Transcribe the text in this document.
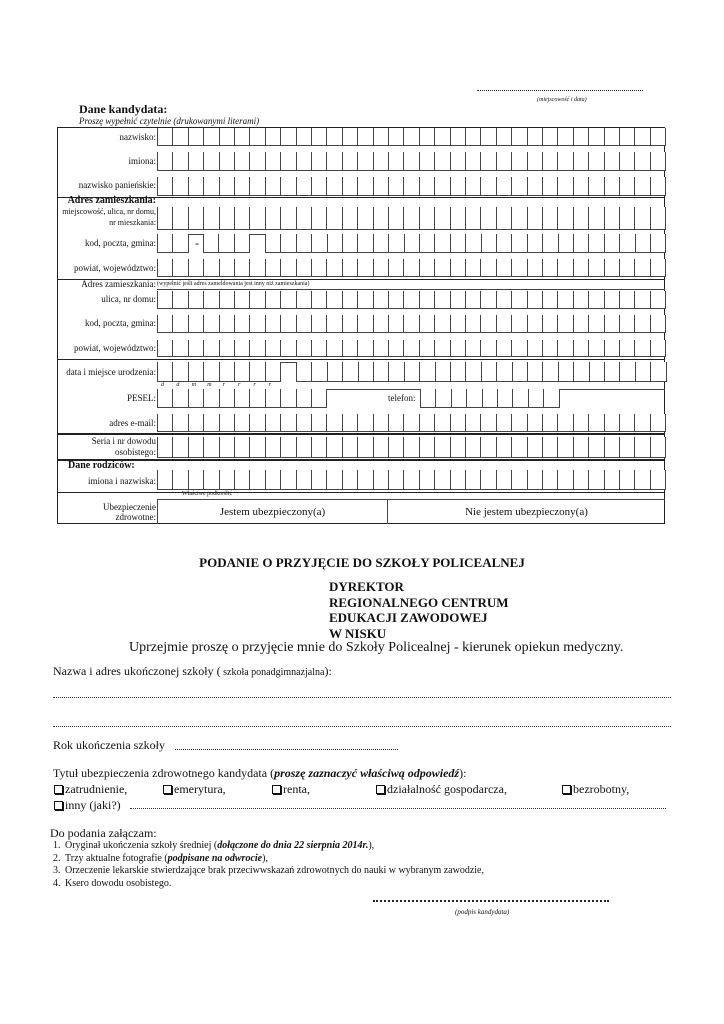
(miejscowość i data)
Dane kandydata:
Proszę wypełnić czytelnie (drukowanymi literami)
nazwisko:
imiona:
nazwisko panieńskie:
Adres zamieszkania:
miejscowość, ulica, nr domu,
nr mieszkania:
kod, poczta, gmina:	-
powiat, województwo:
Adres zamieszkania: (wypełnić jeśli adres zameldowania jest inny niż zamieszkania)
ulica, nr domu:
kod, poczta, gmina:
powiat, województwo:
data i miejsce urodzenia:
d d m m r r r r
PESEL:	telefon:
adres e-mail:
Seria i nr dowodu
osobistego:
Dane rodziców:
imiona i nazwiska:
Właściwe podkreślić
Ubezpieczenie
zdrowotne:	Jestem ubezpieczony(a)	Nie jestem ubezpieczony(a)
PODANIE O PRZYJĘCIE DO SZKOŁY POLICEALNEJ
DYREKTOR
REGIONALNEGO CENTRUM
EDUKACJI ZAWODOWEJ
W NISKU
Uprzejmie proszę o przyjęcie mnie do Szkoły Policealnej - kierunek opiekun medyczny.
Nazwa i adres ukończonej szkoły ( szkoła ponadgimnazjalna):
Rok ukończenia szkoły
Tytuł ubezpieczenia zdrowotnego kandydata (proszę zaznaczyć właściwą odpowiedź):
zatrudnienie,	emerytura,	renta,	działalność gospodarcza,	bezrobotny,
inny (jaki?)
Do podania załączam:
1. Oryginał ukończenia szkoły średniej (dołączone do dnia 22 sierpnia 2014r.),
2. Trzy aktualne fotografie (podpisane na odwrocie),
3. Orzeczenie lekarskie stwierdzające brak przeciwwskazań zdrowotnych do nauki w wybranym zawodzie,
4. Ksero dowodu osobistego.
(podpis kandydata)
